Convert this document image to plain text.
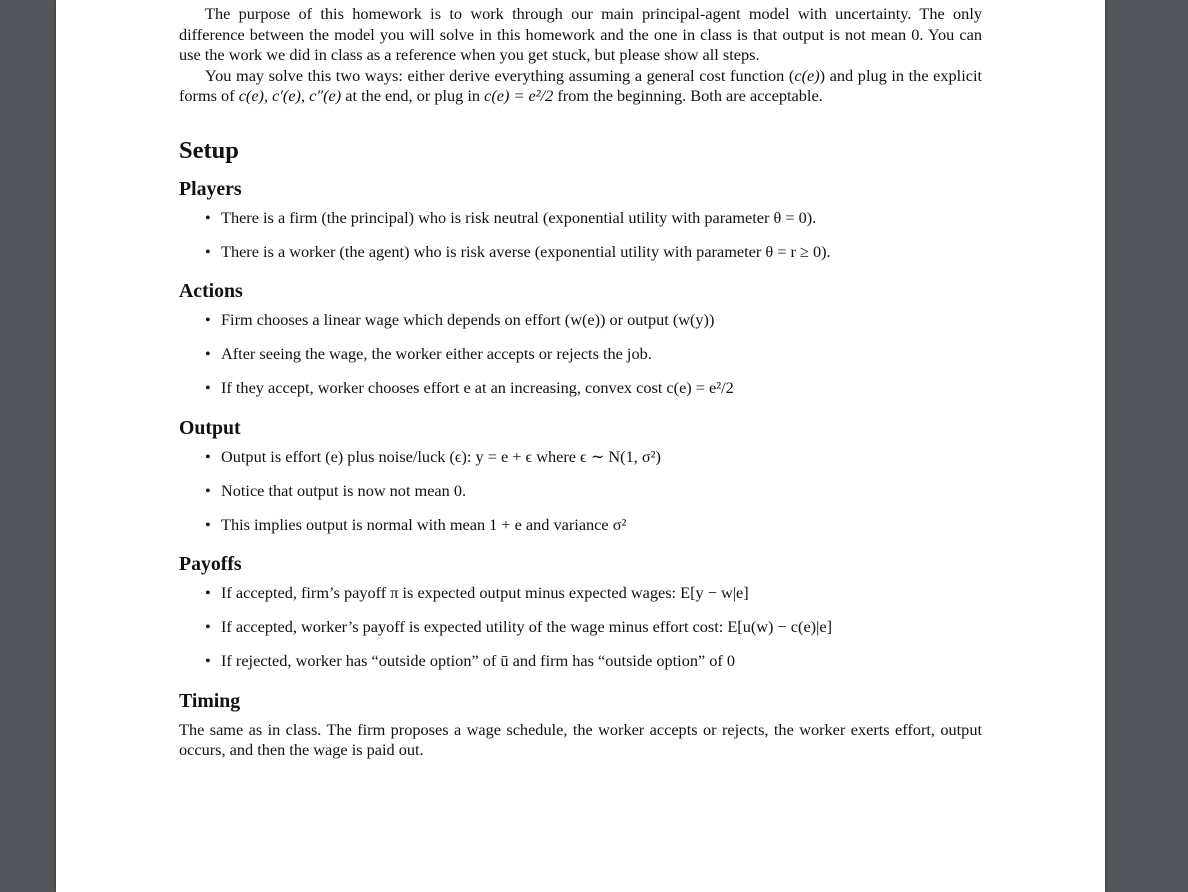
The purpose of this homework is to work through our main principal-agent model with uncertainty. The only difference between the model you will solve in this homework and the one in class is that output is not mean 0. You can use the work we did in class as a reference when you get stuck, but please show all steps.

You may solve this two ways: either derive everything assuming a general cost function (c(e)) and plug in the explicit forms of c(e), c′(e), c″(e) at the end, or plug in c(e) = e²/2 from the beginning. Both are acceptable.

Setup
Players
• There is a firm (the principal) who is risk neutral (exponential utility with parameter θ = 0).
• There is a worker (the agent) who is risk averse (exponential utility with parameter θ = r ≥ 0).
Actions
• Firm chooses a linear wage which depends on effort (w(e)) or output (w(y))
• After seeing the wage, the worker either accepts or rejects the job.
• If they accept, worker chooses effort e at an increasing, convex cost c(e) = e²/2
Output
• Output is effort (e) plus noise/luck (ϵ): y = e + ϵ where ϵ ∼ N(1, σ²)
• Notice that output is now not mean 0.
• This implies output is normal with mean 1 + e and variance σ²
Payoffs
• If accepted, firm’s payoff π is expected output minus expected wages: E[y − w|e]
• If accepted, worker’s payoff is expected utility of the wage minus effort cost: E[u(w) − c(e)|e]
• If rejected, worker has “outside option” of ū and firm has “outside option” of 0
Timing

The same as in class. The firm proposes a wage schedule, the worker accepts or rejects, the worker exerts effort, output occurs, and then the wage is paid out.
